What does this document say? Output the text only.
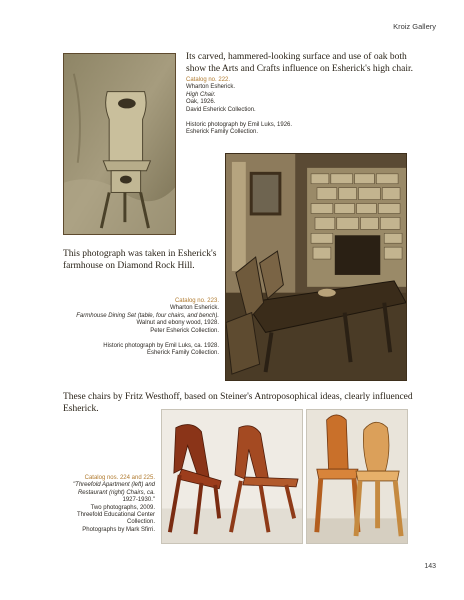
Kroiz Gallery
Its carved, hammered-looking surface and use of oak both show the Arts and Crafts influence on Esherick's high chair.
Catalog no. 222.
Wharton Esherick.
High Chair.
Oak, 1926.
David Esherick Collection.
Historic photograph by Emil Luks, 1926.
Esherick Family Collection.
This photograph was taken in Esherick's farmhouse on Diamond Rock Hill.
Catalog no. 223.
Wharton Esherick.
Farmhouse Dining Set (table, four chairs, and bench).
Walnut and ebony wood, 1928.
Peter Esherick Collection.
Historic photograph by Emil Luks, ca. 1928.
Esherick Family Collection.
These chairs by Fritz Westhoff, based on Steiner's Antroposophical ideas, clearly influenced Esherick.
Catalog nos. 224 and 225.
"Threefold Apartment (left) and
Restaurant (right) Chairs, ca.
1927-1930."
Two photographs, 2009.
Threefold Educational Center
Collection.
Photographs by Mark Sfirri.
143
